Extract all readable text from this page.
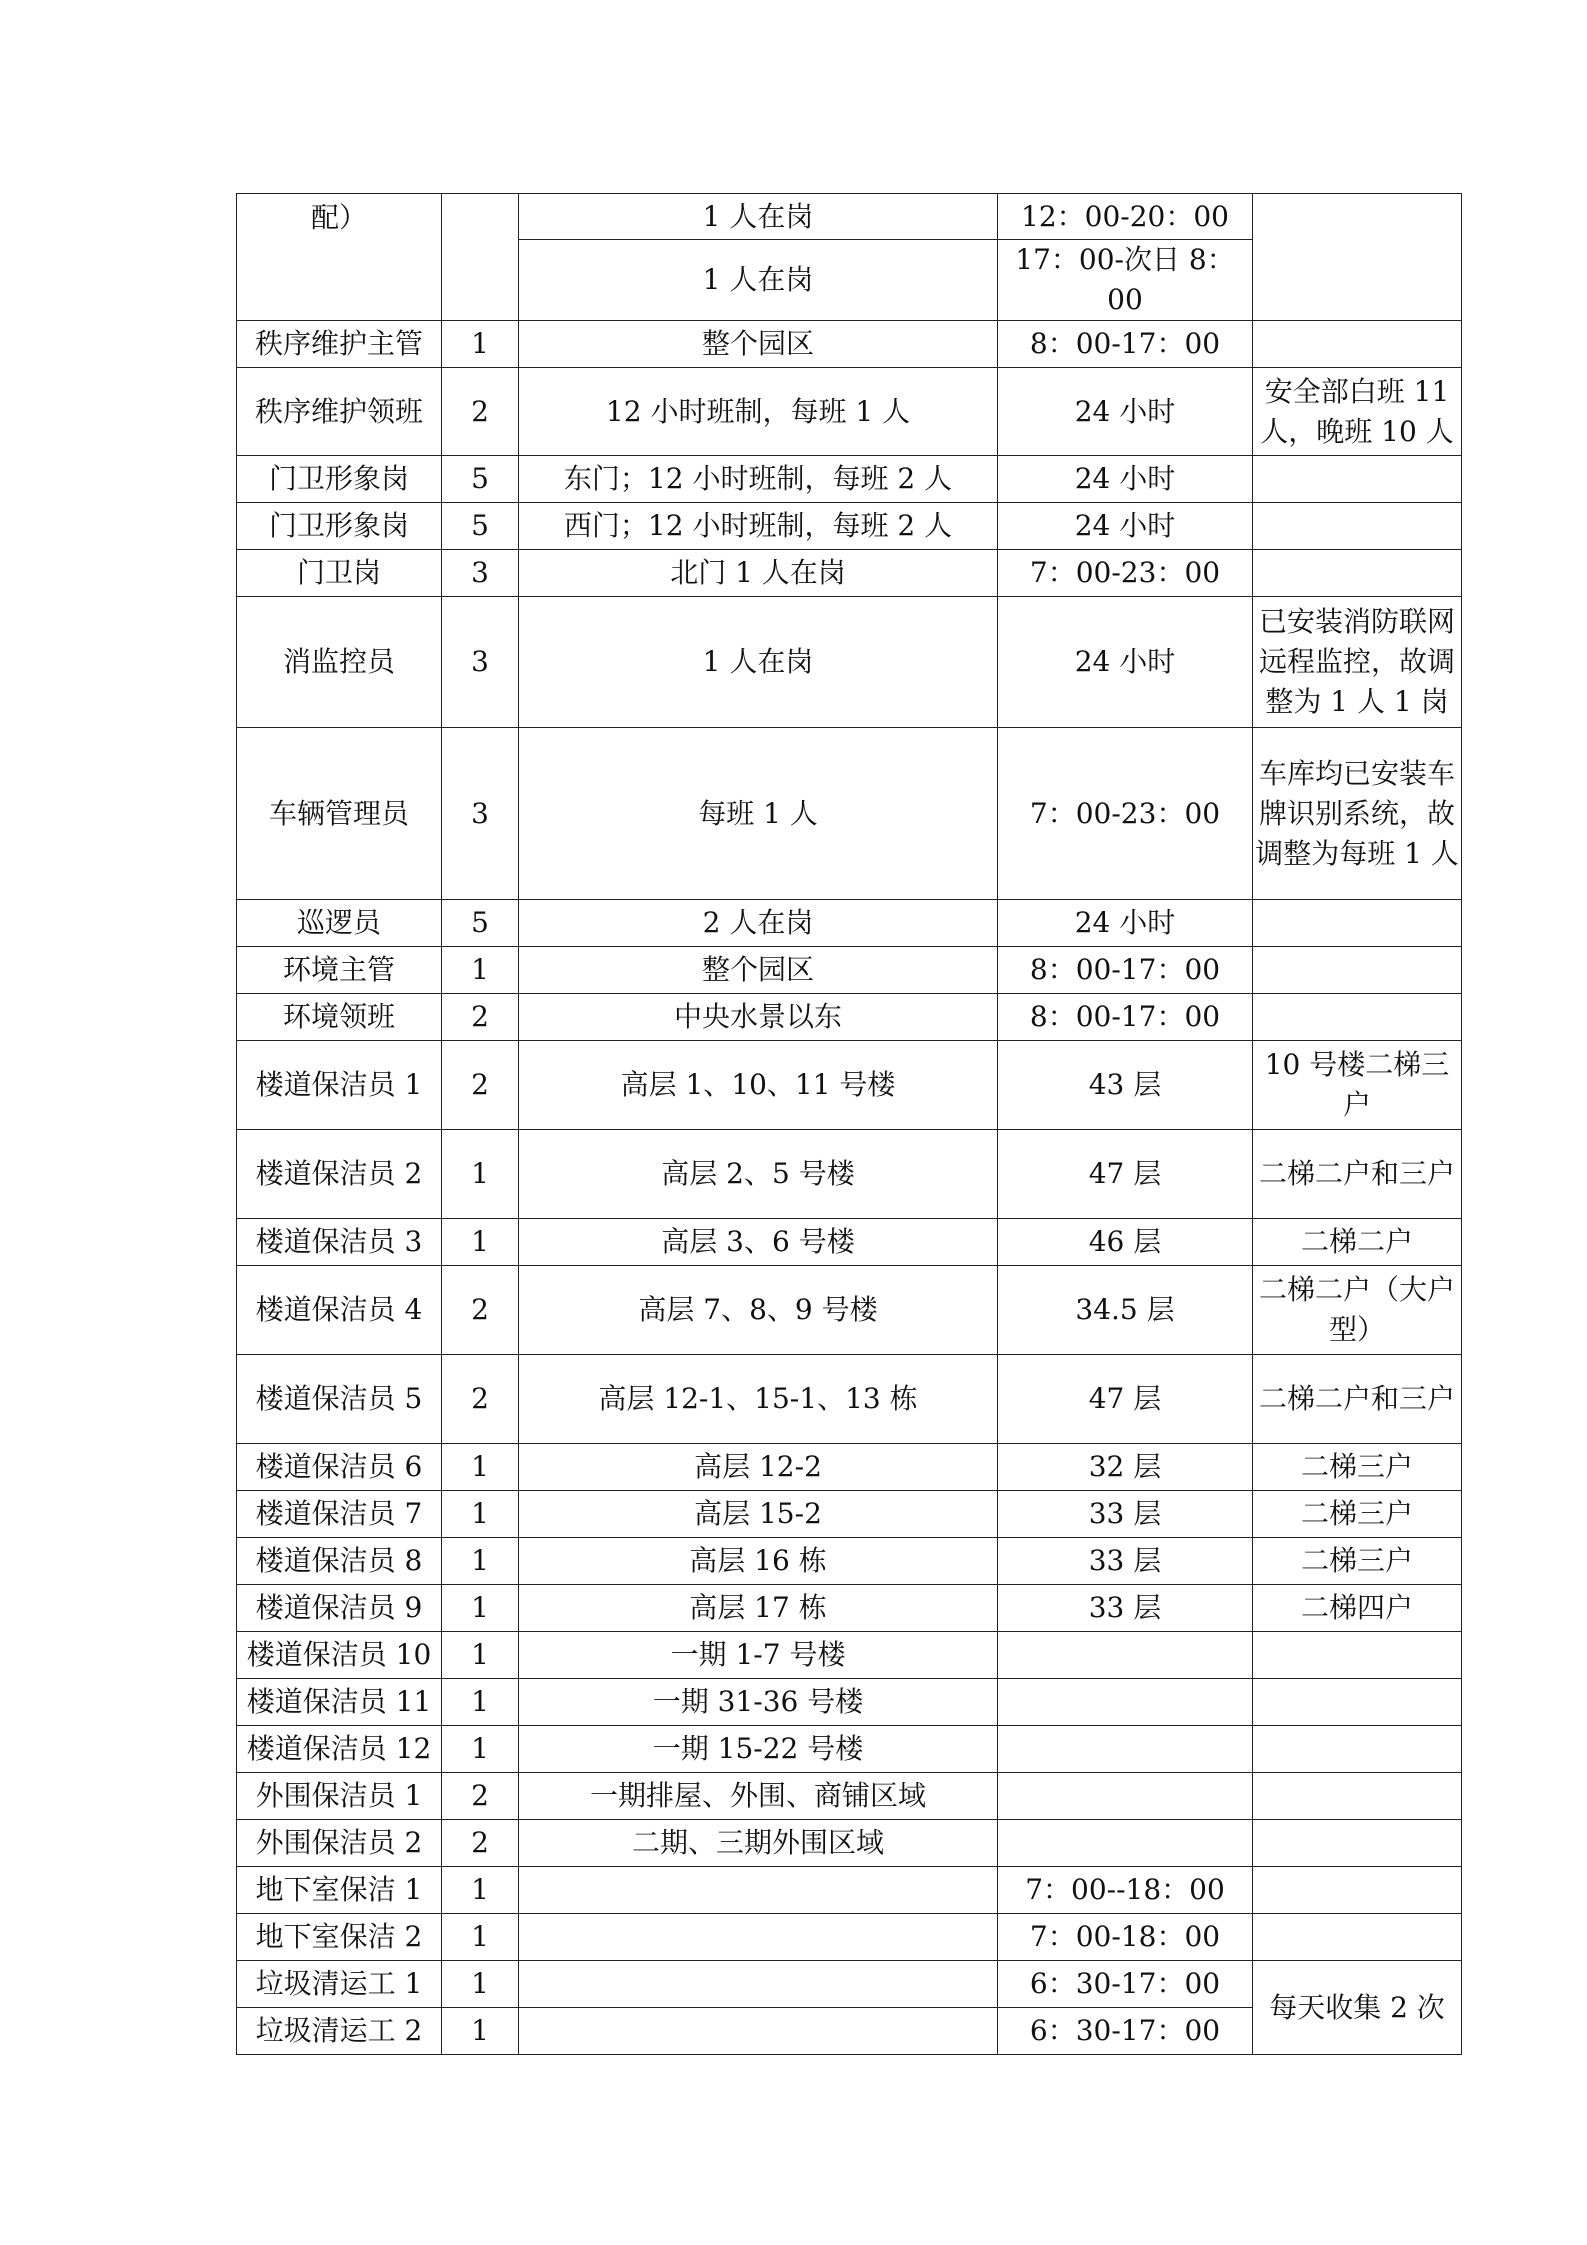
配）		1 人在岗	12：00-20：00	
		1 人在岗	17：00-次日 8：00	
秩序维护主管	1	整个园区	8：00-17：00	
秩序维护领班	2	12 小时班制，每班 1 人	24 小时	安全部白班 11 人，晚班 10 人
门卫形象岗	5	东门；12 小时班制，每班 2 人	24 小时	
门卫形象岗	5	西门；12 小时班制，每班 2 人	24 小时	
门卫岗	3	北门 1 人在岗	7：00-23：00	
消监控员	3	1 人在岗	24 小时	已安装消防联网远程监控，故调整为 1 人 1 岗
车辆管理员	3	每班 1 人	7：00-23：00	车库均已安装车牌识别系统，故调整为每班 1 人
巡逻员	5	2 人在岗	24 小时	
环境主管	1	整个园区	8：00-17：00	
环境领班	2	中央水景以东	8：00-17：00	
楼道保洁员 1	2	高层 1、10、11 号楼	43 层	10 号楼二梯三户
楼道保洁员 2	1	高层 2、5 号楼	47 层	二梯二户和三户
楼道保洁员 3	1	高层 3、6 号楼	46 层	二梯二户
楼道保洁员 4	2	高层 7、8、9 号楼	34.5 层	二梯二户（大户型）
楼道保洁员 5	2	高层 12-1、15-1、13 栋	47 层	二梯二户和三户
楼道保洁员 6	1	高层 12-2	32 层	二梯三户
楼道保洁员 7	1	高层 15-2	33 层	二梯三户
楼道保洁员 8	1	高层 16 栋	33 层	二梯三户
楼道保洁员 9	1	高层 17 栋	33 层	二梯四户
楼道保洁员 10	1	一期 1-7 号楼		
楼道保洁员 11	1	一期 31-36 号楼		
楼道保洁员 12	1	一期 15-22 号楼		
外围保洁员 1	2	一期排屋、外围、商铺区域		
外围保洁员 2	2	二期、三期外围区域		
地下室保洁 1	1		7：00--18：00	
地下室保洁 2	1		7：00-18：00	
垃圾清运工 1	1		6：30-17：00	每天收集 2 次
垃圾清运工 2	1		6：30-17：00	
